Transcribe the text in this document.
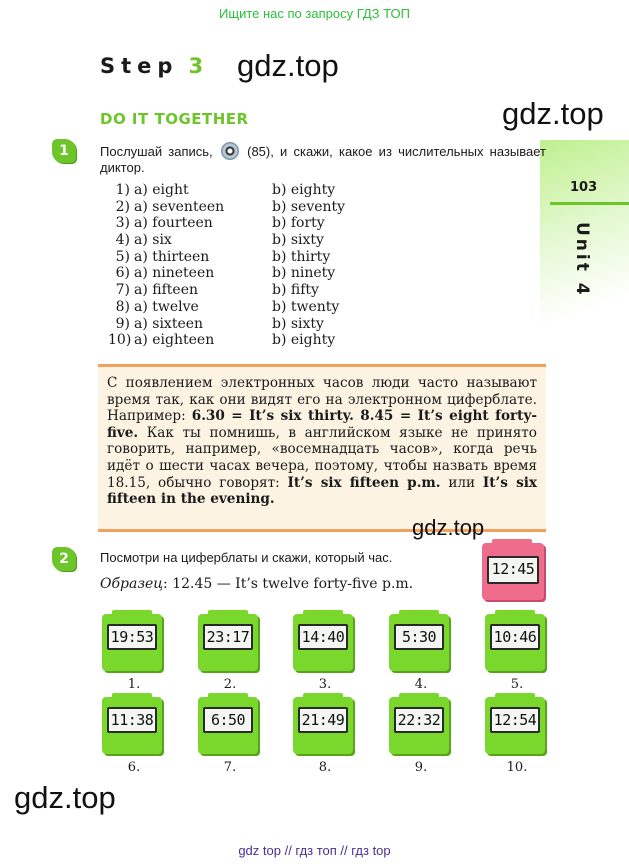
Ищите нас по запросу ГДЗ ТОП
Step 3 gdz.top
gdz.top
DO IT TOGETHER
103
1	Послушай запись,	(85), и скажи, какое из числительных называет диктор.
1) a) eight	b) eighty
2) a) seventeen	b) seventy
3) a) fourteen	b) forty
4) a) six	b) sixty
5) a) thirteen	b) thirty
6) a) nineteen	b) ninety
7) a) fifteen	b) fifty
8) a) twelve	b) twenty
9) a) sixteen	b) sixty
10) a) eighteen	b) eighty
С появлением электронных часов люди часто называют время так, как они видят его на электронном циферблате. Например: 6.30 = It’s six thirty. 8.45 = It’s eight forty-five. Как ты помнишь, в английском языке не принято говорить, например, «восемнадцать часов», когда речь идёт о шести часах вечера, поэтому, чтобы назвать время 18.15, обычно говорят: It’s six fifteen p.m. или It’s six fifteen in the evening.
gdz.top
2	Посмотри на циферблаты и скажи, который час.
Образец: 12.45 — It’s twelve forty-five p.m.
12:45
19:53
1.
23:17
2.
14:40
3.
5:30
4.
10:46
5.
11:38
6.
6:50
7.
21:49
8.
22:32
9.
12:54
10.
gdz.top
gdz top // гдз топ // гдз top
